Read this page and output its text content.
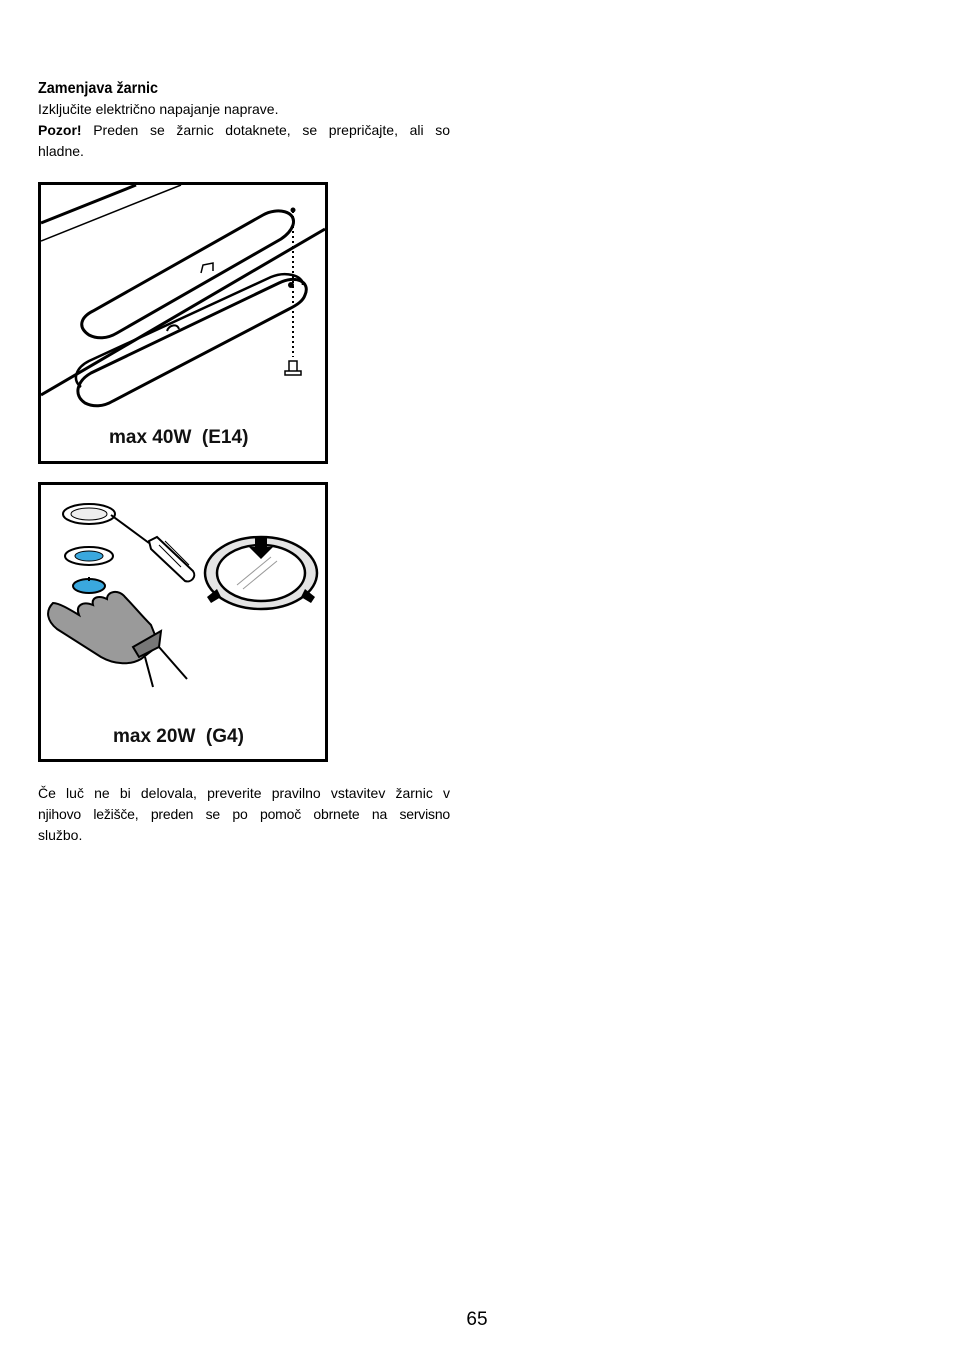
Zamenjava žarnic
Izključite električno napajanje naprave.
Pozor! Preden se žarnic dotaknete, se prepričajte, ali so
hladne.
max 40W  (E14)
max 20W  (G4)
Če luč ne bi delovala, preverite pravilno vstavitev žarnic v
njihovo ležišče, preden se po pomoč obrnete na servisno
službo.
65
